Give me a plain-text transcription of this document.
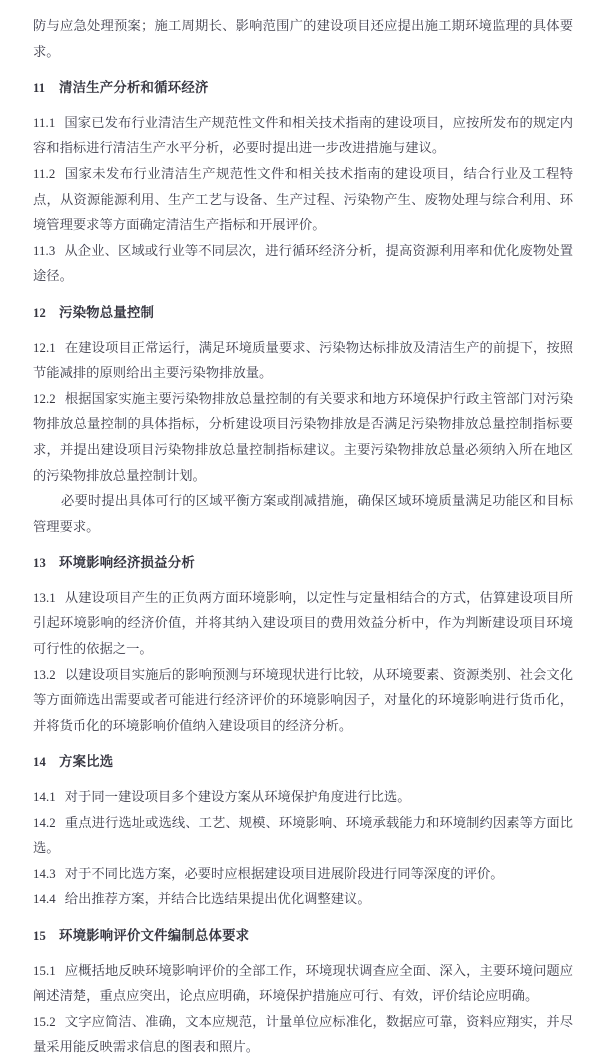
防与应急处理预案；施工周期长、影响范围广的建设项目还应提出施工期环境监理的具体要求。

11 清洁生产分析和循环经济

11.1 国家已发布行业清洁生产规范性文件和相关技术指南的建设项目，应按所发布的规定内容和指标进行清洁生产水平分析，必要时提出进一步改进措施与建议。

11.2 国家未发布行业清洁生产规范性文件和相关技术指南的建设项目，结合行业及工程特点，从资源能源利用、生产工艺与设备、生产过程、污染物产生、废物处理与综合利用、环境管理要求等方面确定清洁生产指标和开展评价。

11.3 从企业、区域或行业等不同层次，进行循环经济分析，提高资源利用率和优化废物处置途径。

12 污染物总量控制

12.1 在建设项目正常运行，满足环境质量要求、污染物达标排放及清洁生产的前提下，按照节能减排的原则给出主要污染物排放量。

12.2 根据国家实施主要污染物排放总量控制的有关要求和地方环境保护行政主管部门对污染物排放总量控制的具体指标，分析建设项目污染物排放是否满足污染物排放总量控制指标要求，并提出建设项目污染物排放总量控制指标建议。主要污染物排放总量必须纳入所在地区的污染物排放总量控制计划。

必要时提出具体可行的区域平衡方案或削减措施，确保区域环境质量满足功能区和目标管理要求。

13 环境影响经济损益分析

13.1 从建设项目产生的正负两方面环境影响，以定性与定量相结合的方式，估算建设项目所引起环境影响的经济价值，并将其纳入建设项目的费用效益分析中，作为判断建设项目环境可行性的依据之一。

13.2 以建设项目实施后的影响预测与环境现状进行比较，从环境要素、资源类别、社会文化等方面筛选出需要或者可能进行经济评价的环境影响因子，对量化的环境影响进行货币化，并将货币化的环境影响价值纳入建设项目的经济分析。

14 方案比选

14.1 对于同一建设项目多个建设方案从环境保护角度进行比选。

14.2 重点进行选址或选线、工艺、规模、环境影响、环境承载能力和环境制约因素等方面比选。

14.3 对于不同比选方案，必要时应根据建设项目进展阶段进行同等深度的评价。

14.4 给出推荐方案，并结合比选结果提出优化调整建议。

15 环境影响评价文件编制总体要求

15.1 应概括地反映环境影响评价的全部工作，环境现状调查应全面、深入，主要环境问题应阐述清楚，重点应突出，论点应明确，环境保护措施应可行、有效，评价结论应明确。

15.2 文字应简洁、准确，文本应规范，计量单位应标准化，数据应可靠，资料应翔实，并尽量采用能反映需求信息的图表和照片。
